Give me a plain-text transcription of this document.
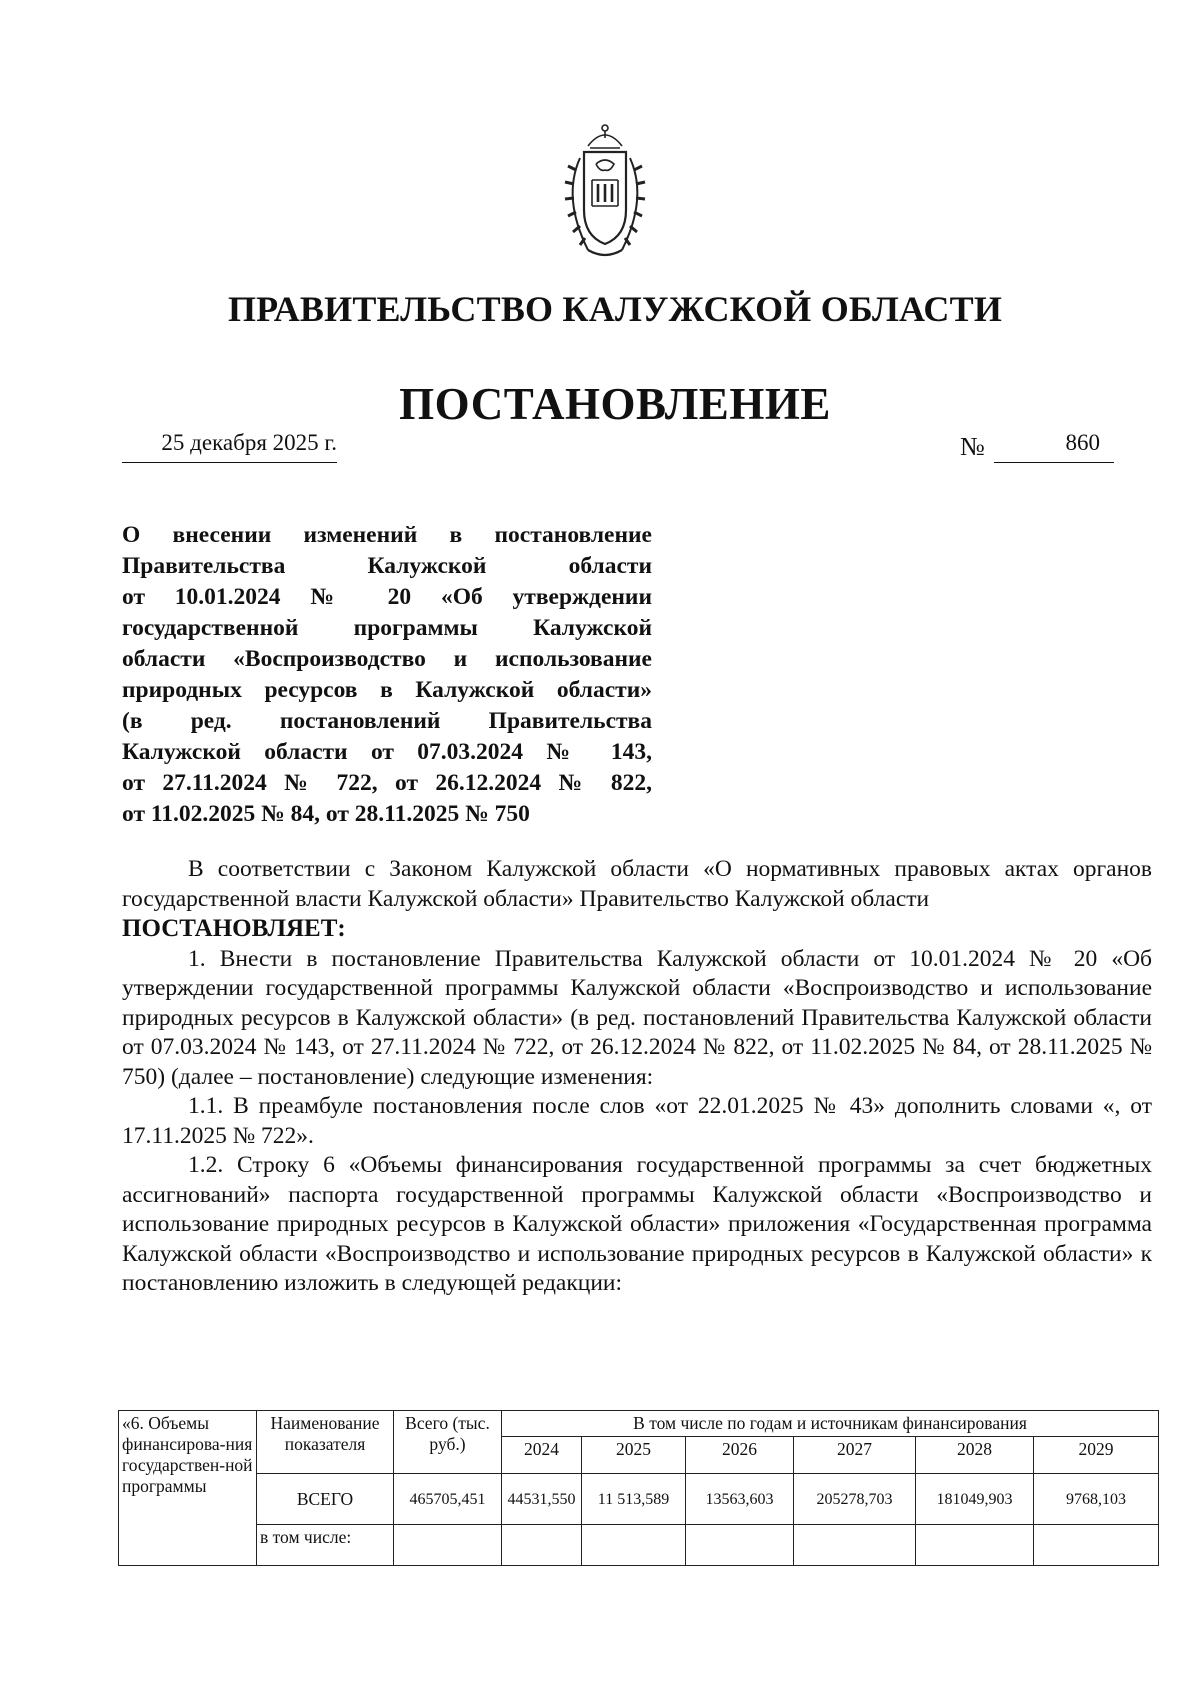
ПРАВИТЕЛЬСТВО КАЛУЖСКОЙ ОБЛАСТИ
ПОСТАНОВЛЕНИЕ
25 декабря 2025 г.	№	860
О внесении изменений в постановление
Правительства Калужской области
от 10.01.2024 № 20 «Об утверждении
государственной программы Калужской
области «Воспроизводство и использование
природных ресурсов в Калужской области»
(в ред. постановлений Правительства
Калужской области от 07.03.2024 № 143,
от 27.11.2024 № 722, от 26.12.2024 № 822,
от 11.02.2025 № 84, от 28.11.2025 № 750

В соответствии с Законом Калужской области «О нормативных правовых актах органов государственной власти Калужской области» Правительство Калужской области

ПОСТАНОВЛЯЕТ:

1. Внести в постановление Правительства Калужской области от 10.01.2024 № 20 «Об утверждении государственной программы Калужской области «Воспроизводство и использование природных ресурсов в Калужской области» (в ред. постановлений Правительства Калужской области от 07.03.2024 № 143, от 27.11.2024 № 722, от 26.12.2024 № 822, от 11.02.2025 № 84, от 28.11.2025 № 750) (далее – постановление) следующие изменения:

1.1. В преамбуле постановления после слов «от 22.01.2025 № 43» дополнить словами «, от 17.11.2025 № 722».

1.2. Строку 6 «Объемы финансирования государственной программы за счет бюджетных ассигнований» паспорта государственной программы Калужской области «Воспроизводство и использование природных ресурсов в Калужской области» приложения «Государственная программа Калужской области «Воспроизводство и использование природных ресурсов в Калужской области» к постановлению изложить в следующей редакции:

«6. Объемы финансирова-ния государствен-ной программы	Наименование показателя	Всего (тыс. руб.)	В том числе по годам и источникам финансирования					
			2024	2025	2026	2027	2028	2029
	ВСЕГО	465705,451	44531,550	11 513,589	13563,603	205278,703	181049,903	9768,103
	в том числе:							
